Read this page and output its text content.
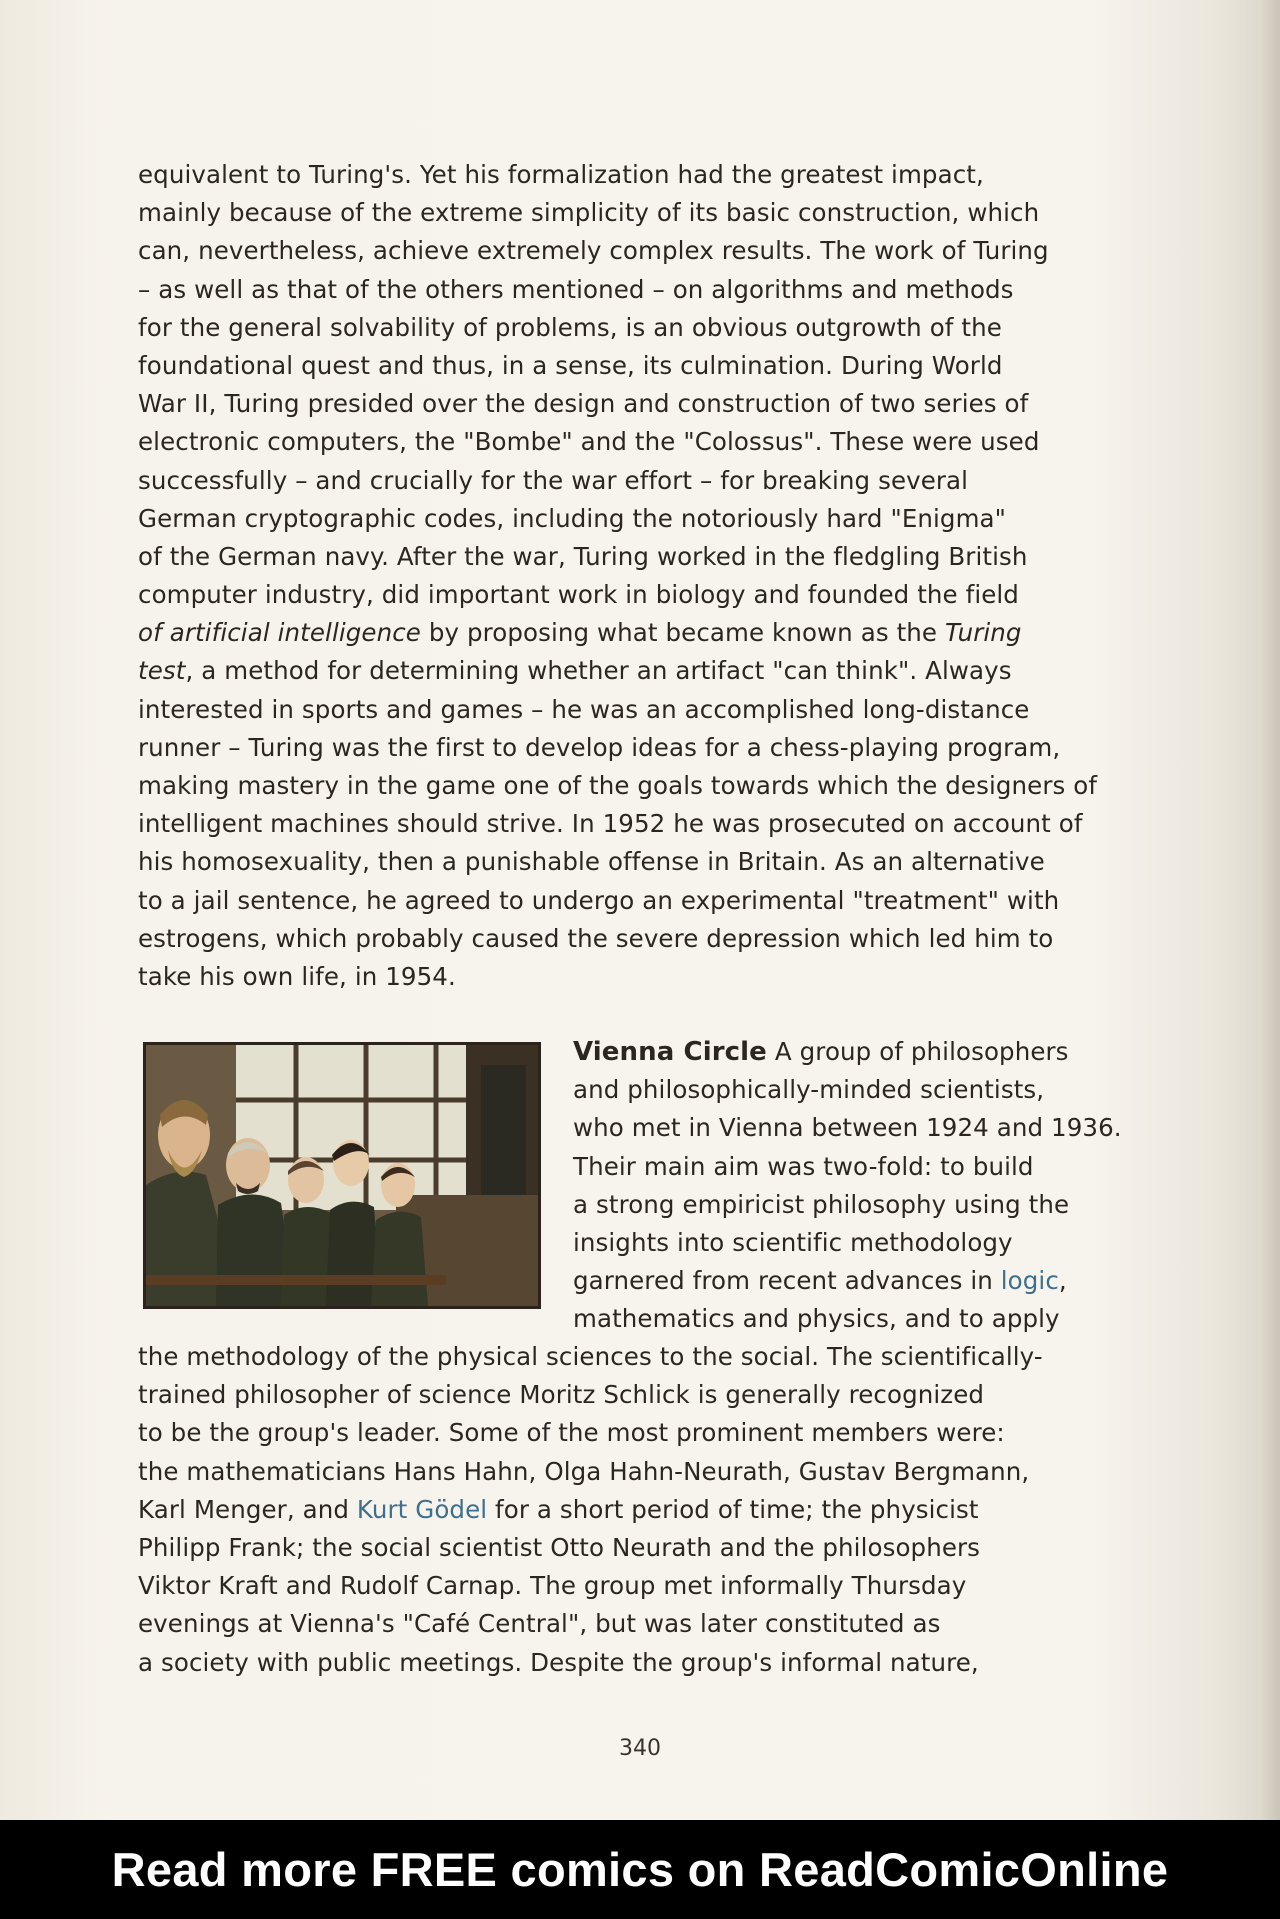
equivalent to Turing's. Yet his formalization had the greatest impact,
mainly because of the extreme simplicity of its basic construction, which
can, nevertheless, achieve extremely complex results. The work of Turing
– as well as that of the others mentioned – on algorithms and methods
for the general solvability of problems, is an obvious outgrowth of the
foundational quest and thus, in a sense, its culmination. During World
War II, Turing presided over the design and construction of two series of
electronic computers, the "Bombe" and the "Colossus". These were used
successfully – and crucially for the war effort – for breaking several
German cryptographic codes, including the notoriously hard "Enigma"
of the German navy. After the war, Turing worked in the fledgling British
computer industry, did important work in biology and founded the field
of artificial intelligence by proposing what became known as the Turing
test, a method for determining whether an artifact "can think". Always
interested in sports and games – he was an accomplished long-distance
runner – Turing was the first to develop ideas for a chess-playing program,
making mastery in the game one of the goals towards which the designers of
intelligent machines should strive. In 1952 he was prosecuted on account of
his homosexuality, then a punishable offense in Britain. As an alternative
to a jail sentence, he agreed to undergo an experimental "treatment" with
estrogens, which probably caused the severe depression which led him to
take his own life, in 1954.
Vienna Circle A group of philosophers
and philosophically-minded scientists,
who met in Vienna between 1924 and 1936.
Their main aim was two-fold: to build
a strong empiricist philosophy using the
insights into scientific methodology
garnered from recent advances in logic,
mathematics and physics, and to apply
the methodology of the physical sciences to the social. The scientifically-
trained philosopher of science Moritz Schlick is generally recognized
to be the group's leader. Some of the most prominent members were:
the mathematicians Hans Hahn, Olga Hahn-Neurath, Gustav Bergmann,
Karl Menger, and Kurt Gödel for a short period of time; the physicist
Philipp Frank; the social scientist Otto Neurath and the philosophers
Viktor Kraft and Rudolf Carnap. The group met informally Thursday
evenings at Vienna's "Café Central", but was later constituted as
a society with public meetings. Despite the group's informal nature,
340
Read more FREE comics on ReadComicOnline
